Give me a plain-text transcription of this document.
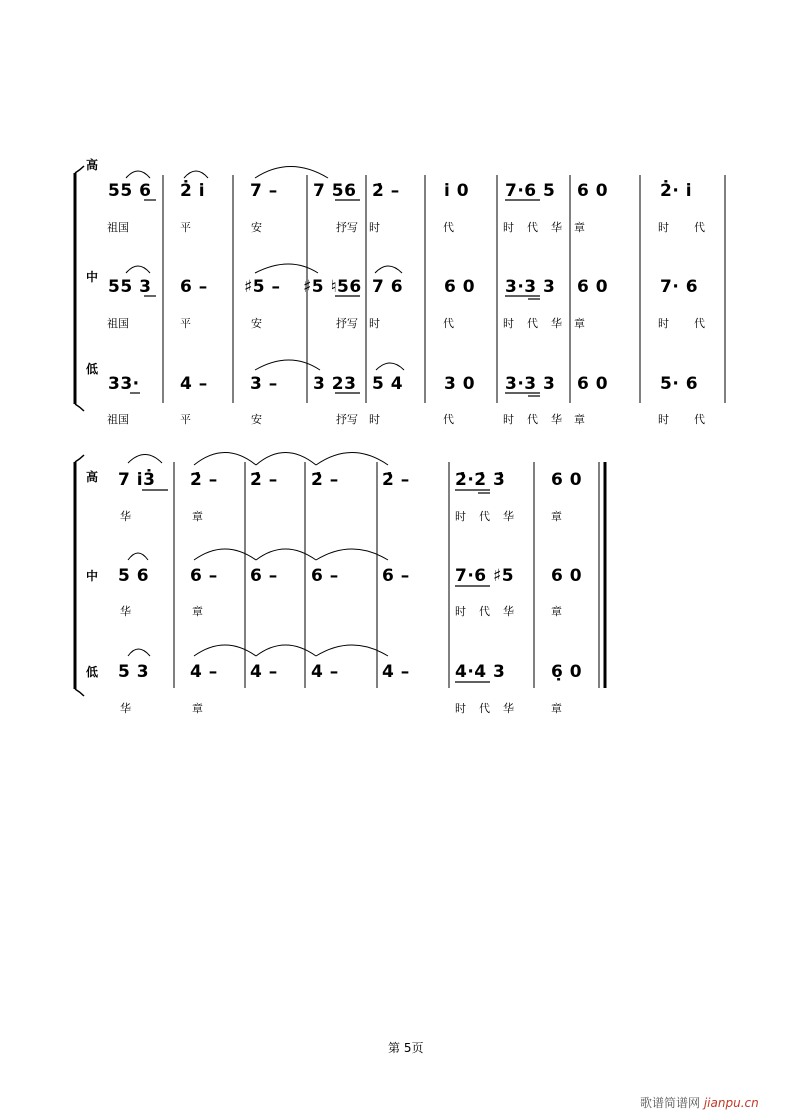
高
中
低
高
中
低
55 6 2̇ i̇	7 – 7 56 2̇ –	i̇ 0 7·6 5 6 0	2̇· i̇
祖国	平	安	抒写 时	代	时 代 华 章	时 代
55 3 6 – ♯5 – ♯5 ♮56 7 6 6 0 3·3 3 6 0	7· 6
祖国	平	安	抒写 时	代	时 代 华 章	时 代
33· 4 – 3 – 3 23 5 4 3 0 3·3 3 6 0	5· 6
祖国	平	安	抒写 时	代	时 代 华 章	时 代
7 i̇3̇ 2̇ – 2̇ – 2̇ –	2̇ –	2̇·2̇ 3̇	6 0
华	章	时 代 华	章
5 6 6 – 6 – 6 –	6 –	7·6 ♯5 6 0
华	章	时 代 华	章
5 3 4 – 4 – 4 –	4 –	4·4 3	6̣ 0
华	章	时 代 华	章
第 5页
歌谱简谱网 jianpu.cn
